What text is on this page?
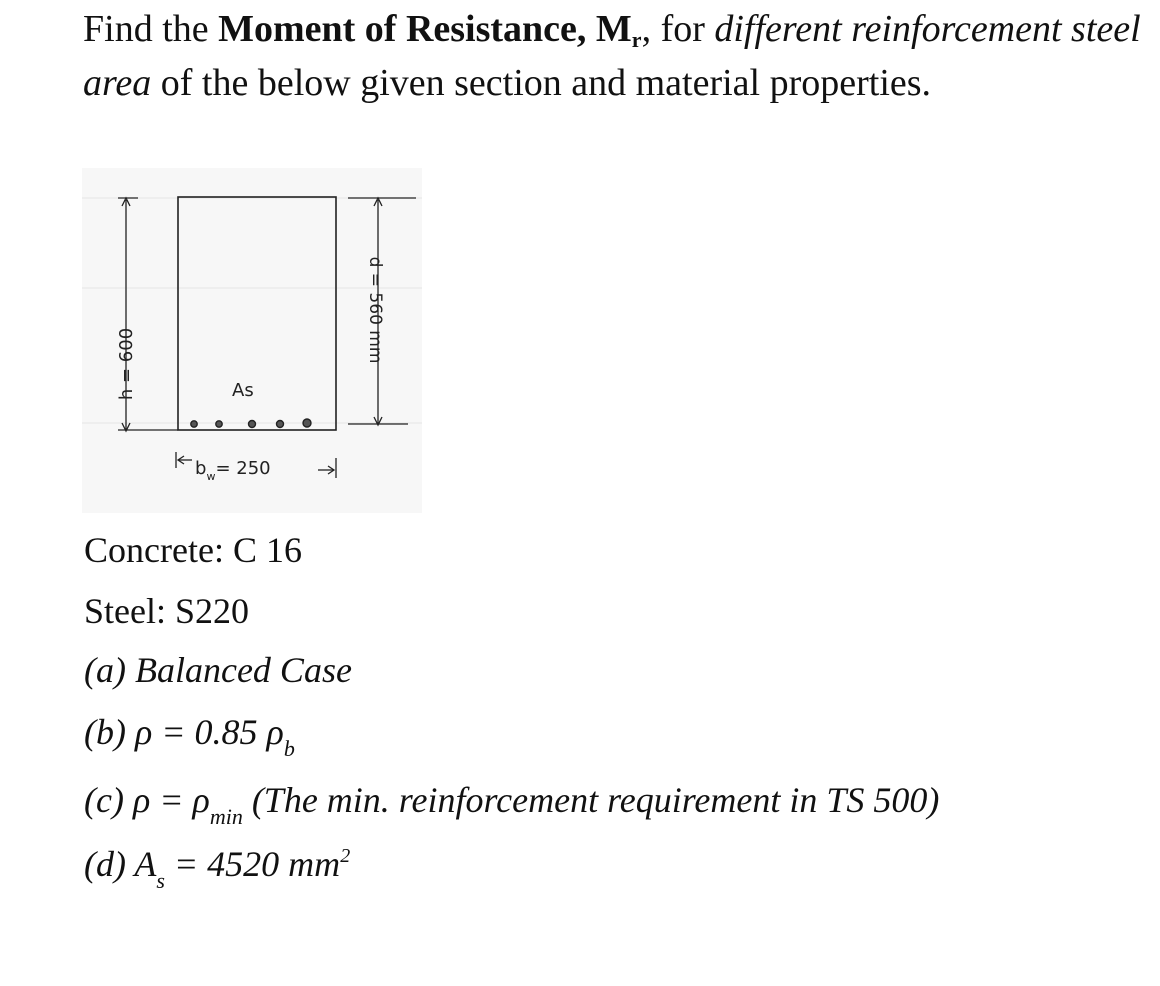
Find the Moment of Resistance, $M_r$, for different reinforcement steel area of the below given section and material properties.

h = 600
d = 560 mm
As
$b_w= 250$

Concrete: C 16

Steel: S220

(a) Balanced Case

(b) ρ = 0.85 $\rho_b$

(c) $\rho = \rho_{min}$ (The min. reinforcement requirement in TS 500)

(d) $A_s = 4520$ $mm^2$
